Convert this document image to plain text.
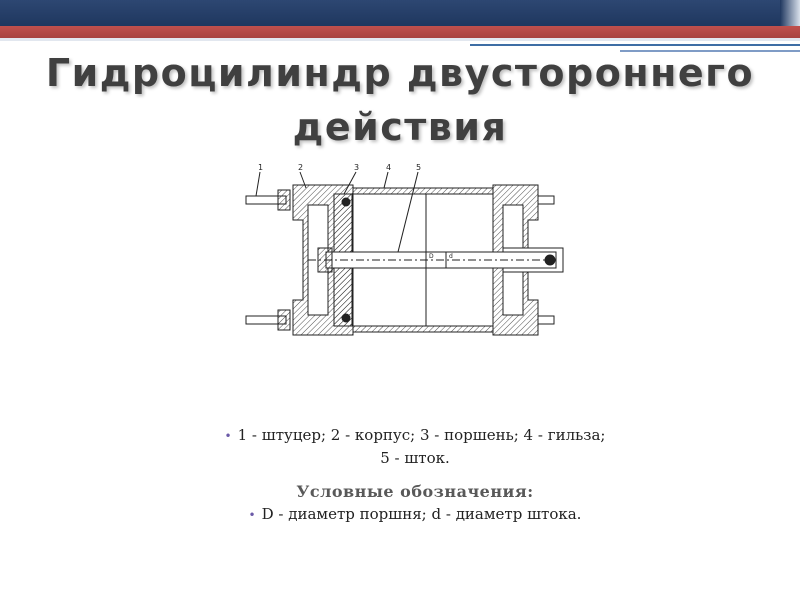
Гидроцилиндр двустороннего действия
1	2	3	4	5
D	d
• 1 - штуцер; 2 - корпус; 3 - поршень; 4 - гильза;
5 - шток.
Условные обозначения:
• D - диаметр поршня; d - диаметр штока.
